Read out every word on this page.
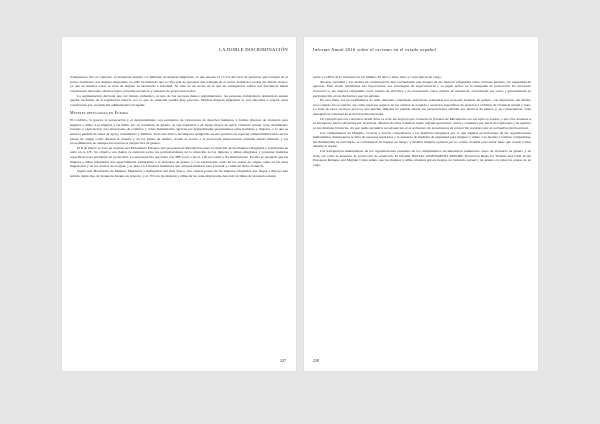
LA DOBLE DISCRIMINACIÓN

trabajadores. Por el contrario, la hostelería emplea a 2 millones de mujeres migrantes, lo que supone el 17,2% del total de personas que trabajan en el sector doméstico son mujeres migrantes. La OIT ha indicado que la cifra real de personas que trabajan en el sector doméstico podría ser mucho mayor, ya que en muchos casos se trata de empleo no declarado o informal. Se trata de un sector en el que las trabajadoras sufren con frecuencia malas condiciones laborales, salarios bajos, jornadas excesivas y ausencia de protección social.

La segmentación derivada que vel trabajo doméstico es uno de los sectores menos reglamentados: las personas trabajadoras domésticas suelen quedar excluidas de la legislación laboral, por lo que su situación resulta muy precaria. Muchas mujeres migrantes se ven abocadas a aceptar estas condiciones por su situación administrativa irregular.

Mujeres refugiadas en Europa

El conflicto, la guerra, la persecución y el desplazamiento son escenarios de violaciones de derechos humanos y formas diversas de violencia para mujeres y niñas. Las mujeres y las niñas, por su condición de género, se ven expuestas a un riesgo mayor de sufrir violencia sexual, trata, matrimonio forzado y explotación. Las situaciones de conflicto y crisis humanitarias agravan las desigualdades preexistentes entre hombres y mujeres, a lo que se suma la pérdida de redes de apoyo comunitario y familiar. Todo ello sitúa a las mujeres refugiadas en una posición de especial vulnerabilidad tanto en los países de origen como durante el tránsito y en los países de destino, donde el acceso a la protección internacional continúa siendo limitado y los procedimientos no siempre incorporan la perspectiva de género.

El 8 de marzo se votó en el pleno del Parlamento Europeo una propuesta de Resolución sobre la situación de las mujeres refugiadas y solicitantes de asilo en la UE. Su objetivo era llamar la atención sobre las particularidades de la situación de las mujeres y niñas refugiadas y proponer medidas específicas para garantizar su protección. La propuesta fue aprobada con 388 votos a favor, 150 en contra y 63 abstenciones. En ella se recuerda que las mujeres y niñas refugiadas son especialmente vulnerables a la violencia de género y a la explotación, tanto en los países de origen como en las rutas migratorias y en los centros de acogida, y se pide a los Estados miembros que adopten medidas para prevenir y combatir dicha violencia.

Según una Plataforma de Mujeres Migrantes y Refugiadas del País Vasco, tres cuartas partes de las mujeres refugiadas que llegan a Europa han sufrido algún tipo de violencia durante su trayecto, y el 15% de las mujeres y niñas de las rutas migratorias han sido víctimas de violencia sexual.

227
Informe Anual 2016 sobre el racismo en el estado español

sobre y el 60% de la violencia en los últimos 30 años y entre ellos y cosas típicas en cargo.

Nuestra sociedad y los medios de comunicación han normalizado una imagen de las mujeres refugiadas como víctimas pasivas, sin capacidad de agencia. Esta visión invisibiliza sus trayectorias, sus estrategias de supervivencia y su papel activo en la búsqueda de protección. Es necesario reconocer a las mujeres refugiadas como sujetos de derechos y no únicamente como objetos de asistencia, escuchando sus voces y garantizando su participación en las decisiones que les afectan.

En esta línea, los procedimientos de asilo deberían contemplar entrevistas realizadas por personal formado en género, con intérpretes del mismo sexo cuando así se solicite, así como espacios seguros en los centros de acogida y servicios específicos de atención a víctimas de violencia sexual y trata. La falta de estos recursos provoca que muchas mujeres no puedan relatar las persecuciones sufridas por motivos de género y, en consecuencia, vean denegada su solicitud de protección internacional.

Un ejemplo que nos conmueve desde Siria es el de las mujeres que cruzaron la frontera de Macedonia con sus hijos en brazos, y que tras semanas a la intemperie fueron devueltas por la policía. Muchas de ellas relataron haber sufrido agresiones, robos y chantajes por parte de traficantes y de agentes en las distintas fronteras, sin que nadie atendiera sus denuncias ni se activaran los mecanismos de protección previstos por la normativa internacional.

Los campamentos de Hungría, Croacia y Grecia concentraron a los hombres refugiados por lo que algunas profesionales de las organizaciones humanitarias denunciaron la falta de espacios separados y la ausencia de medidas de seguridad para mujeres y niñas. Las duchas y letrinas compartidas, sin iluminación ni cerraduras, se convirtieron en lugares de riesgo, y muchas mujeres optaban por no comer ni beber para evitar tener que acudir a ellas durante la noche.

Las trabajadoras humanitarias de las organizaciones presentes en los campamentos documentaron numerosos casos de violencia de género y de trata, así como la ausencia de protocolos de actuación. El informe INITIAL ASSESSMENT REPORT: Protection Risks for Women and Girls in the European Refugee and Migrant Crisis señala que las mujeres y niñas afrontan graves riesgos de violencia sexual y de género en todas las etapas de su viaje.

228
